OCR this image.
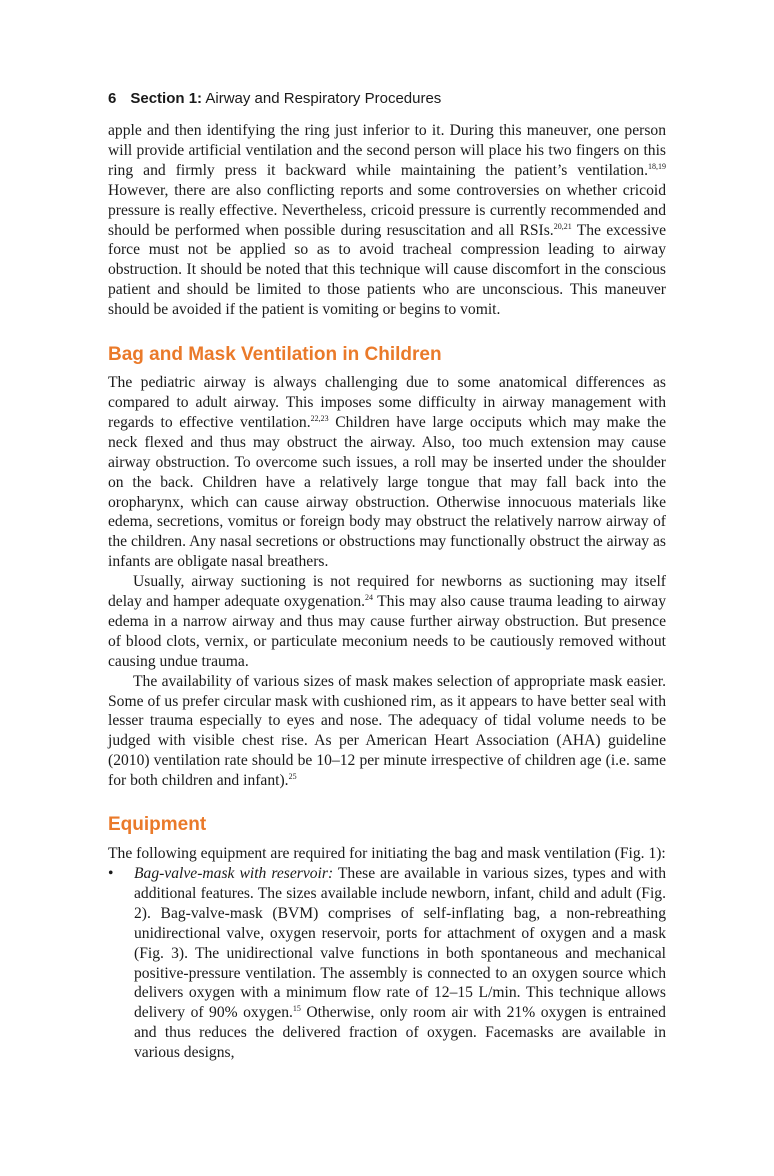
6 Section 1: Airway and Respiratory Procedures

apple and then identifying the ring just inferior to it. During this maneuver, one person will provide artificial ventilation and the second person will place his two fingers on this ring and firmly press it backward while maintaining the patient’s ventilation.$^{18,19}$ However, there are also conflicting reports and some controversies on whether cricoid pressure is really effective. Nevertheless, cricoid pressure is currently recommended and should be performed when possible during resuscitation and all RSIs.$^{20,21}$ The excessive force must not be applied so as to avoid tracheal compression leading to airway obstruction. It should be noted that this technique will cause discomfort in the conscious patient and should be limited to those patients who are unconscious. This maneuver should be avoided if the patient is vomiting or begins to vomit.

Bag and Mask Ventilation in Children

The pediatric airway is always challenging due to some anatomical differences as compared to adult airway. This imposes some difficulty in airway management with regards to effective ventilation.$^{22,23}$ Children have large occiputs which may make the neck flexed and thus may obstruct the airway. Also, too much extension may cause airway obstruction. To overcome such issues, a roll may be inserted under the shoulder on the back. Children have a relatively large tongue that may fall back into the oropharynx, which can cause airway obstruction. Otherwise innocuous materials like edema, secretions, vomitus or foreign body may obstruct the relatively narrow airway of the children. Any nasal secretions or obstructions may functionally obstruct the airway as infants are obligate nasal breathers.

Usually, airway suctioning is not required for newborns as suctioning may itself delay and hamper adequate oxygenation.$^{24}$ This may also cause trauma leading to airway edema in a narrow airway and thus may cause further airway obstruction. But presence of blood clots, vernix, or particulate meconium needs to be cautiously removed without causing undue trauma.

The availability of various sizes of mask makes selection of appropriate mask easier. Some of us prefer circular mask with cushioned rim, as it appears to have better seal with lesser trauma especially to eyes and nose. The adequacy of tidal volume needs to be judged with visible chest rise. As per American Heart Association (AHA) guideline (2010) ventilation rate should be 10–12 per minute irrespective of children age (i.e. same for both children and infant).$^{25}$

Equipment

The following equipment are required for initiating the bag and mask ventilation (Fig. 1):

• Bag-valve-mask with reservoir: These are available in various sizes, types and with additional features. The sizes available include newborn, infant, child and adult (Fig. 2). Bag-valve-mask (BVM) comprises of self-inflating bag, a non-rebreathing unidirectional valve, oxygen reservoir, ports for attachment of oxygen and a mask (Fig. 3). The unidirectional valve functions in both spontaneous and mechanical positive-pressure ventilation. The assembly is connected to an oxygen source which delivers oxygen with a minimum flow rate of 12–15 L/min. This technique allows delivery of 90% oxygen.$^{15}$ Otherwise, only room air with 21% oxygen is entrained and thus reduces the delivered fraction of oxygen. Facemasks are available in various designs,
